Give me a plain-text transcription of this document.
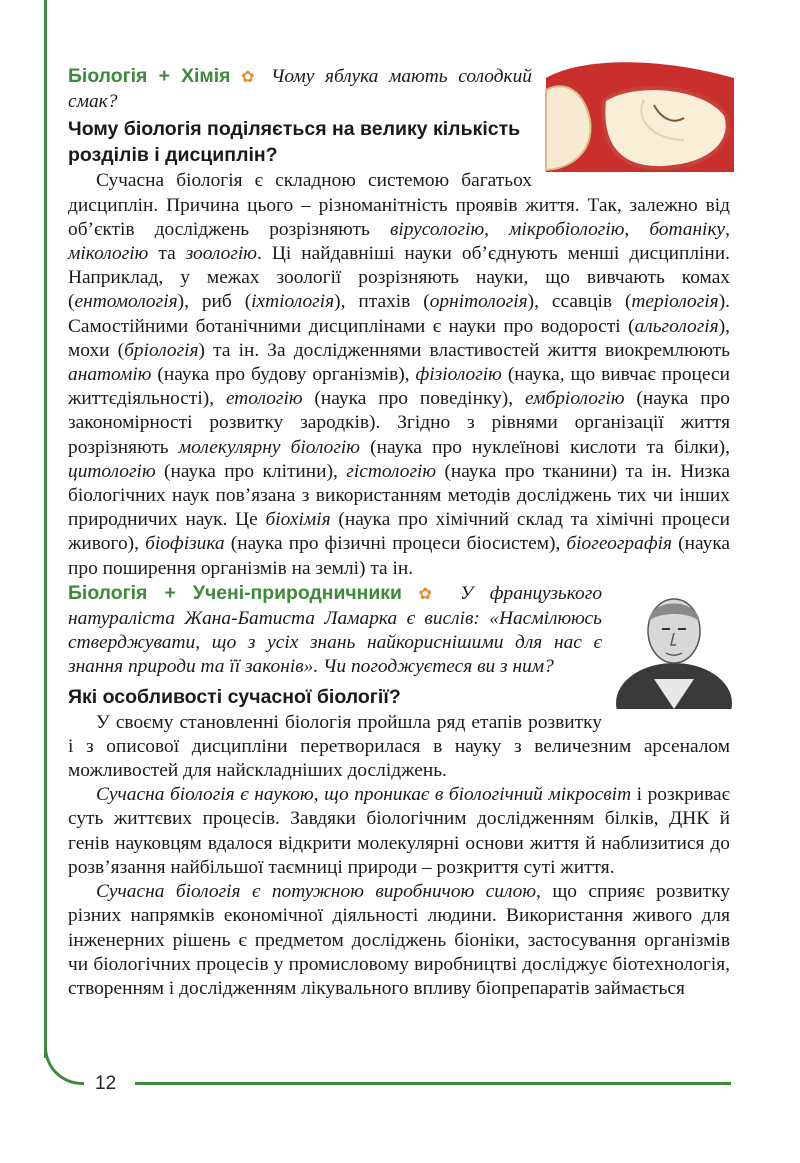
12

Біологія + Хімія ✿ Чому яблука мають солодкий смак?

Чому біологія поділяється на велику кількість розділів і дисциплін?

Сучасна біологія є складною системою багатьох дисциплін. Причина цього – різноманітність проявів життя. Так, залежно від об’єктів досліджень розрізняють вірусологію, мікробіологію, ботаніку, мікологію та зоологію. Ці найдавніші науки об’єднують менші дисципліни. Наприклад, у межах зоології розрізняють науки, що вивчають комах (ентомологія), риб (іхтіологія), птахів (орнітологія), ссавців (теріологія). Самостійними ботанічними дисциплінами є науки про водорості (альгологія), мохи (бріологія) та ін. За дослідженнями властивостей життя виокремлюють анатомію (наука про будову організмів), фізіологію (наука, що вивчає процеси життєдіяльності), етологію (наука про поведінку), ембріологію (наука про закономірності розвитку зародків). Згідно з рівнями організації життя розрізняють молекулярну біологію (наука про нуклеїнові кислоти та білки), цитологію (наука про клітини), гістологію (наука про тканини) та ін. Низка біологічних наук пов’язана з використанням методів досліджень тих чи інших природничих наук. Це біохімія (наука про хімічний склад та хімічні процеси живого), біофізика (наука про фізичні процеси біосистем), біогеографія (наука про поширення організмів на землі) та ін.

Біологія + Учені-природничники ✿ У французького натураліста Жана-Батиста Ламарка є вислів: «Насмілююсь стверджувати, що з усіх знань найкориснішими для нас є знання природи та її законів». Чи погоджуєтеся ви з ним?

Які особливості сучасної біології?

У своєму становленні біологія пройшла ряд етапів розвитку і з описової дисципліни перетворилася в науку з величезним арсеналом можливостей для найскладніших досліджень.

Сучасна біологія є наукою, що проникає в біологічний мікросвіт і розкриває суть життєвих процесів. Завдяки біологічним дослідженням білків, ДНК й генів науковцям вдалося відкрити молекулярні основи життя й наблизитися до розв’язання найбільшої таємниці природи – розкриття суті життя.

Сучасна біологія є потужною виробничою силою, що сприяє розвитку різних напрямків економічної діяльності людини. Використання живого для інженерних рішень є предметом досліджень біоніки, застосування організмів чи біологічних процесів у промисловому виробництві досліджує біотехнологія, створенням і дослідженням лікувального впливу біопрепаратів займається
